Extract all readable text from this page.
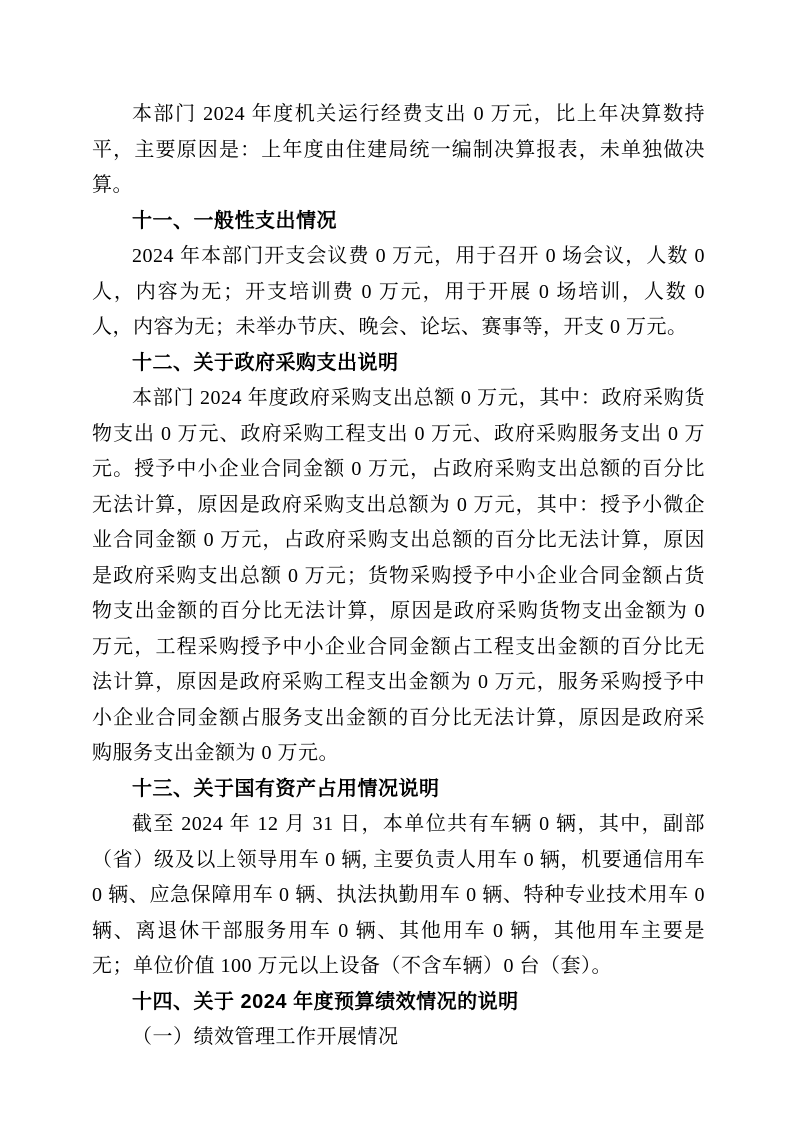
本部门 2024 年度机关运行经费支出 0 万元，比上年决算数持平，主要原因是：上年度由住建局统一编制决算报表，未单独做决算。

十一、一般性支出情况

2024 年本部门开支会议费 0 万元，用于召开 0 场会议，人数 0 人，内容为无；开支培训费 0 万元，用于开展 0 场培训，人数 0 人，内容为无；未举办节庆、晚会、论坛、赛事等，开支 0 万元。

十二、关于政府采购支出说明

本部门 2024 年度政府采购支出总额 0 万元，其中：政府采购货物支出 0 万元、政府采购工程支出 0 万元、政府采购服务支出 0 万元。授予中小企业合同金额 0 万元，占政府采购支出总额的百分比无法计算，原因是政府采购支出总额为 0 万元，其中：授予小微企业合同金额 0 万元，占政府采购支出总额的百分比无法计算，原因是政府采购支出总额 0 万元；货物采购授予中小企业合同金额占货物支出金额的百分比无法计算，原因是政府采购货物支出金额为 0 万元，工程采购授予中小企业合同金额占工程支出金额的百分比无法计算，原因是政府采购工程支出金额为 0 万元，服务采购授予中小企业合同金额占服务支出金额的百分比无法计算，原因是政府采购服务支出金额为 0 万元。

十三、关于国有资产占用情况说明

截至 2024 年 12 月 31 日，本单位共有车辆 0 辆，其中，副部（省）级及以上领导用车 0 辆, 主要负责人用车 0 辆，机要通信用车 0 辆、应急保障用车 0 辆、执法执勤用车 0 辆、特种专业技术用车 0 辆、离退休干部服务用车 0 辆、其他用车 0 辆，其他用车主要是无；单位价值 100 万元以上设备（不含车辆）0 台（套）。

十四、关于 2024 年度预算绩效情况的说明

（一）绩效管理工作开展情况
